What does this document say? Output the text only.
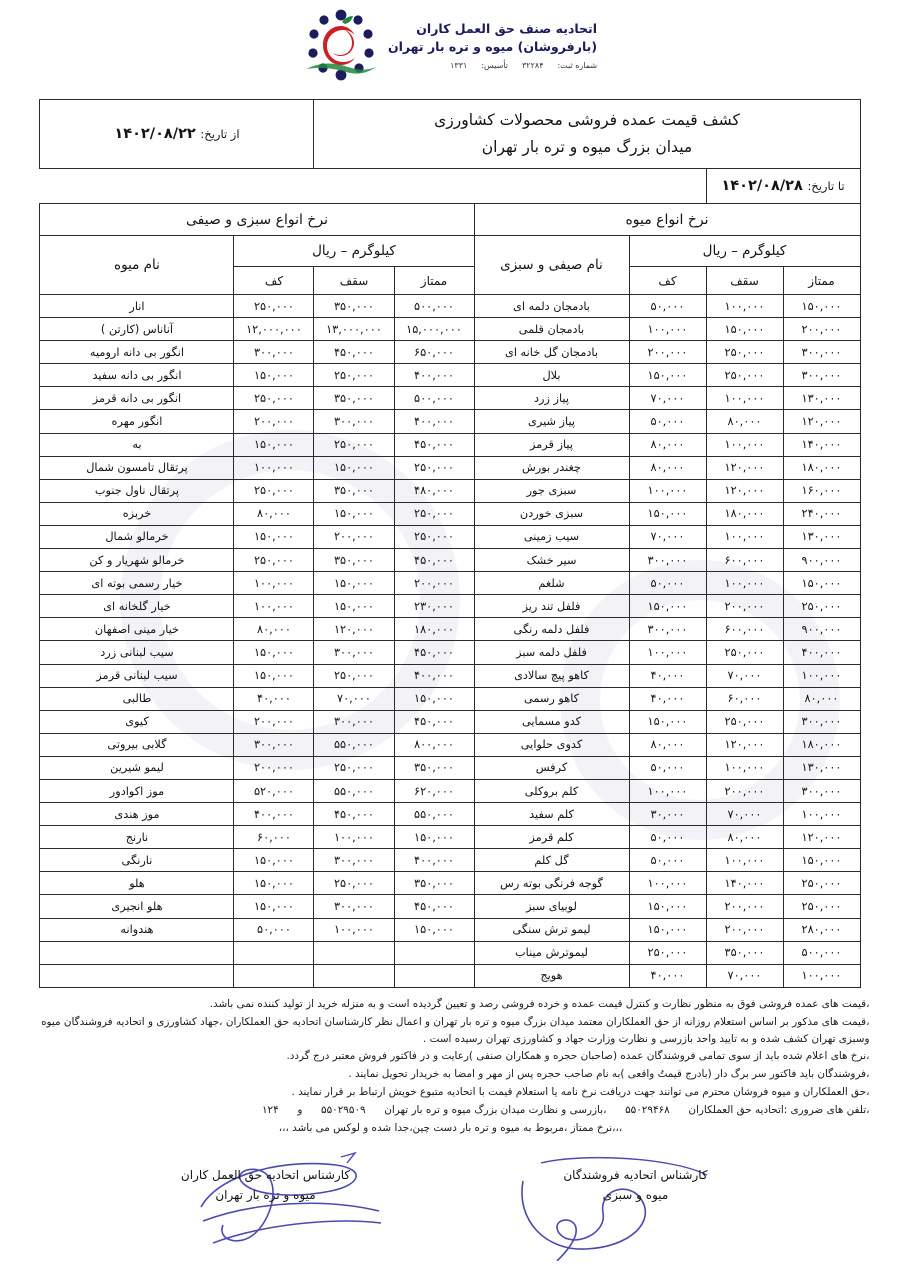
اتحادیه صنف حق العمل کاران
(بارفروشان) میوه و تره بار تهران
شماره ثبت:
۳۲۲۸۴
تأسیس:
۱۳۳۱
کشف قیمت عمده فروشی محصولات کشاورزی
میدان بزرگ میوه و تره بار تهران						از تاریخ: ۱۴۰۲/۰۸/۲۲	
تا تاریخ: ۱۴۰۲/۰۸/۲۸							
نرخ انواع میوه				نرخ انواع سبزی و صیفی			
کیلوگرم – ریال			نام صیفی و سبزی	کیلوگرم – ریال			نام میوه
ممتاز	سقف	کف		ممتاز	سقف	کف	
۱۵۰,۰۰۰	۱۰۰,۰۰۰	۵۰,۰۰۰	بادمجان دلمه ای	۵۰۰,۰۰۰	۳۵۰,۰۰۰	۲۵۰,۰۰۰	انار
۲۰۰,۰۰۰	۱۵۰,۰۰۰	۱۰۰,۰۰۰	بادمجان قلمی	۱۵,۰۰۰,۰۰۰	۱۳,۰۰۰,۰۰۰	۱۲,۰۰۰,۰۰۰	آناناس (کارتن )
۳۰۰,۰۰۰	۲۵۰,۰۰۰	۲۰۰,۰۰۰	بادمجان گل خانه ای	۶۵۰,۰۰۰	۴۵۰,۰۰۰	۳۰۰,۰۰۰	انگور بی دانه ارومیه
۳۰۰,۰۰۰	۲۵۰,۰۰۰	۱۵۰,۰۰۰	بلال	۴۰۰,۰۰۰	۲۵۰,۰۰۰	۱۵۰,۰۰۰	انگور بی دانه سفید
۱۳۰,۰۰۰	۱۰۰,۰۰۰	۷۰,۰۰۰	پیاز زرد	۵۰۰,۰۰۰	۳۵۰,۰۰۰	۲۵۰,۰۰۰	انگور بی دانه قرمز
۱۲۰,۰۰۰	۸۰,۰۰۰	۵۰,۰۰۰	پیاز شیری	۴۰۰,۰۰۰	۳۰۰,۰۰۰	۲۰۰,۰۰۰	انگور مهره
۱۴۰,۰۰۰	۱۰۰,۰۰۰	۸۰,۰۰۰	پیاز قرمز	۴۵۰,۰۰۰	۲۵۰,۰۰۰	۱۵۰,۰۰۰	به
۱۸۰,۰۰۰	۱۲۰,۰۰۰	۸۰,۰۰۰	چغندر بورش	۲۵۰,۰۰۰	۱۵۰,۰۰۰	۱۰۰,۰۰۰	پرتقال تامسون شمال
۱۶۰,۰۰۰	۱۲۰,۰۰۰	۱۰۰,۰۰۰	سبزی جور	۴۸۰,۰۰۰	۳۵۰,۰۰۰	۲۵۰,۰۰۰	پرتقال ناول جنوب
۲۴۰,۰۰۰	۱۸۰,۰۰۰	۱۵۰,۰۰۰	سبزی خوردن	۲۵۰,۰۰۰	۱۵۰,۰۰۰	۸۰,۰۰۰	خربزه
۱۳۰,۰۰۰	۱۰۰,۰۰۰	۷۰,۰۰۰	سیب زمینی	۲۵۰,۰۰۰	۲۰۰,۰۰۰	۱۵۰,۰۰۰	خرمالو شمال
۹۰۰,۰۰۰	۶۰۰,۰۰۰	۳۰۰,۰۰۰	سیر خشک	۴۵۰,۰۰۰	۳۵۰,۰۰۰	۲۵۰,۰۰۰	خرمالو شهریار و کن
۱۵۰,۰۰۰	۱۰۰,۰۰۰	۵۰,۰۰۰	شلغم	۲۰۰,۰۰۰	۱۵۰,۰۰۰	۱۰۰,۰۰۰	خیار رسمی بوته ای
۲۵۰,۰۰۰	۲۰۰,۰۰۰	۱۵۰,۰۰۰	فلفل تند ریز	۲۳۰,۰۰۰	۱۵۰,۰۰۰	۱۰۰,۰۰۰	خیار گلخانه ای
۹۰۰,۰۰۰	۶۰۰,۰۰۰	۳۰۰,۰۰۰	فلفل دلمه رنگی	۱۸۰,۰۰۰	۱۲۰,۰۰۰	۸۰,۰۰۰	خیار مینی اصفهان
۴۰۰,۰۰۰	۲۵۰,۰۰۰	۱۰۰,۰۰۰	فلفل دلمه سبز	۴۵۰,۰۰۰	۳۰۰,۰۰۰	۱۵۰,۰۰۰	سیب لبنانی زرد
۱۰۰,۰۰۰	۷۰,۰۰۰	۴۰,۰۰۰	کاهو پیچ سالادی	۴۰۰,۰۰۰	۲۵۰,۰۰۰	۱۵۰,۰۰۰	سیب لبنانی قرمز
۸۰,۰۰۰	۶۰,۰۰۰	۴۰,۰۰۰	کاهو رسمی	۱۵۰,۰۰۰	۷۰,۰۰۰	۴۰,۰۰۰	طالبی
۳۰۰,۰۰۰	۲۵۰,۰۰۰	۱۵۰,۰۰۰	کدو مسمایی	۴۵۰,۰۰۰	۳۰۰,۰۰۰	۲۰۰,۰۰۰	کیوی
۱۸۰,۰۰۰	۱۲۰,۰۰۰	۸۰,۰۰۰	کدوی حلوایی	۸۰۰,۰۰۰	۵۵۰,۰۰۰	۳۰۰,۰۰۰	گلابی بیروتی
۱۳۰,۰۰۰	۱۰۰,۰۰۰	۵۰,۰۰۰	کرفس	۳۵۰,۰۰۰	۲۵۰,۰۰۰	۲۰۰,۰۰۰	لیمو شیرین
۳۰۰,۰۰۰	۲۰۰,۰۰۰	۱۰۰,۰۰۰	کلم بروکلی	۶۲۰,۰۰۰	۵۵۰,۰۰۰	۵۲۰,۰۰۰	موز اکوادور
۱۰۰,۰۰۰	۷۰,۰۰۰	۳۰,۰۰۰	کلم سفید	۵۵۰,۰۰۰	۴۵۰,۰۰۰	۴۰۰,۰۰۰	موز هندی
۱۲۰,۰۰۰	۸۰,۰۰۰	۵۰,۰۰۰	کلم قرمز	۱۵۰,۰۰۰	۱۰۰,۰۰۰	۶۰,۰۰۰	نارنج
۱۵۰,۰۰۰	۱۰۰,۰۰۰	۵۰,۰۰۰	گل کلم	۴۰۰,۰۰۰	۳۰۰,۰۰۰	۱۵۰,۰۰۰	نارنگی
۲۵۰,۰۰۰	۱۴۰,۰۰۰	۱۰۰,۰۰۰	گوجه فرنگی بوته رس	۳۵۰,۰۰۰	۲۵۰,۰۰۰	۱۵۰,۰۰۰	هلو
۲۵۰,۰۰۰	۲۰۰,۰۰۰	۱۵۰,۰۰۰	لوبیای سبز	۴۵۰,۰۰۰	۳۰۰,۰۰۰	۱۵۰,۰۰۰	هلو انجیری
۲۸۰,۰۰۰	۲۰۰,۰۰۰	۱۵۰,۰۰۰	لیمو ترش سنگی	۱۵۰,۰۰۰	۱۰۰,۰۰۰	۵۰,۰۰۰	هندوانه
۵۰۰,۰۰۰	۳۵۰,۰۰۰	۲۵۰,۰۰۰	لیموترش میناب				
۱۰۰,۰۰۰	۷۰,۰۰۰	۴۰,۰۰۰	هویج				

،قیمت های عمده فروشی فوق به منظور نظارت و کنترل قیمت عمده و خرده فروشی رصد و تعیین گردیده است و به منزله خرید از تولید کننده نمی باشد.

،قیمت های مذکور بر اساس استعلام روزانه از حق العملکاران معتمد میدان بزرگ میوه و تره بار تهران و اعمال نظر کارشناسان اتحادیه حق العملکاران ،جهاد کشاورزی و اتحادیه فروشندگان میوه وسبزی تهران کشف شده و به تایید واحد بازرسی و نظارت وزارت جهاد و کشاورزی تهران رسیده است .

،نرخ های اعلام شده باید از سوی تمامی فروشندگان عمده (صاحبان حجره و همکاران صنفی )رعایت و در فاکتور فروش معتبر درج گردد.

،فروشندگان باید فاکتور سر برگ دار (بادرج قیمتُ واقعی )به نام صاحب حجره پس از مهر و امضا به خریدار تحویل نمایند .

،حق العملکاران و میوه فروشان محترم می توانند جهت دریافت نرخ نامه یا استعلام قیمت با اتحادیه متبوع خویش ارتباط بر قرار نمایند .

،تلفن های ضروری :اتحادیه حق العملکاران  ۵۵۰۲۹۴۶۸  ،بازرسی و نظارت میدان بزرگ میوه و تره بار تهران  ۵۵۰۲۹۵۰۹  و  ۱۲۴

،،،نرخ ممتاز ،مربوط به میوه و تره بار دست چین،جدا شده و لوکس می باشد ،،،

کارشناس اتحادیه فروشندگان
میوه و سبزی
کارشناس اتحادیه حق العمل کاران
میوه و تره بار تهران
